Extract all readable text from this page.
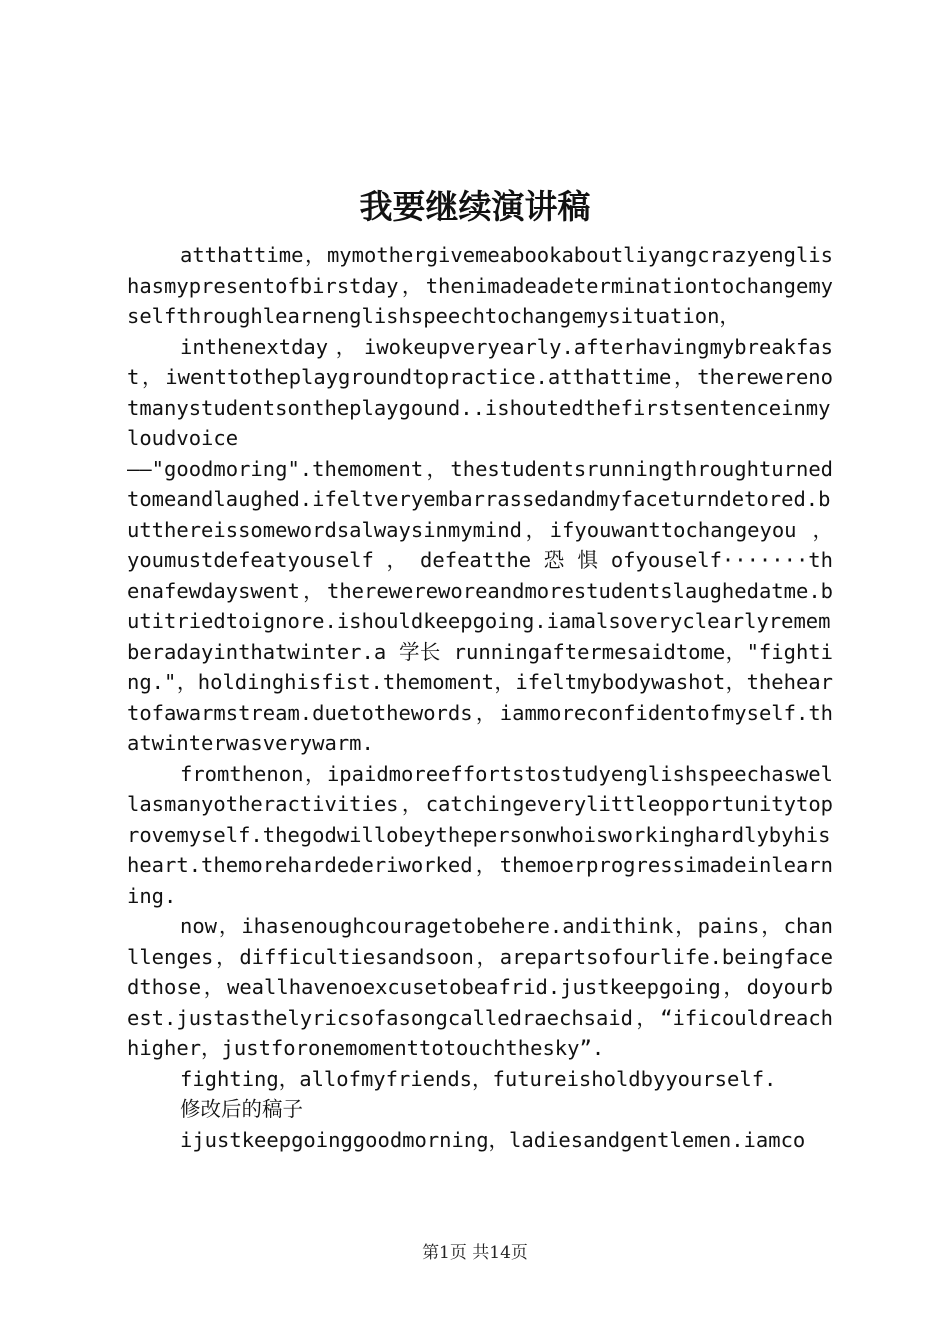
我要继续演讲稿

atthattime，mymothergivemeabookaboutliyangcrazyenglishasmypresentofbirstday，thenimadeadeterminationtochangemyselfthroughlearnenglishspeechtochangemysituation，

inthenextday，iwokeupveryearly.afterhavingmybreakfast，iwenttotheplaygroundtopractice.atthattime，therewerenotmanystudentsontheplaygound..ishoutedthefirstsentenceinmyloudvoice

——"goodmoring".themoment，thestudentsrunningthroughturnedtomeandlaughed.ifeltveryembarrassedandmyfaceturndetored.butthereissomewordsalwaysinmymind，ifyouwanttochangeyou ， youmustdefeatyouself ， defeatthe 恐 惧 ofyouself·······thenafewdayswent，therewereworeandmorestudentslaughedatme.butitriedtoignore.ishouldkeepgoing.iamalsoveryclearlyrememberadayinthatwinter.a 学长 runningaftermesaidtome，"fighting."，holdinghisfist.themoment，ifeltmybodywashot，theheartofawarmstream.duetothewords，iammoreconfidentofmyself.thatwinterwasverywarm.

fromthenon，ipaidmoreeffortstostudyenglishspeechaswellasmanyotheractivities，catchingeverylittleopportunitytoprovemyself.thegodwillobeythepersonwhoisworkinghardlybyhisheart.themorehardederiworked，themoerprogressimadeinlearning.

now，ihasenoughcouragetobehere.andithink，pains，chanllenges，difficultiesandsoon，arepartsofourlife.beingfacedthose，weallhavenoexcusetobeafrid.justkeepgoing，doyourbest.justasthelyricsofasongcalledraechsaid，“ificouldreachhigher，justforonemomenttotouchthesky”.

fighting，allofmyfriends，futureisholdbyyourself.

修改后的稿子

ijustkeepgoinggoodmorning，ladiesandgentlemen.iamco

第1页 共14页
